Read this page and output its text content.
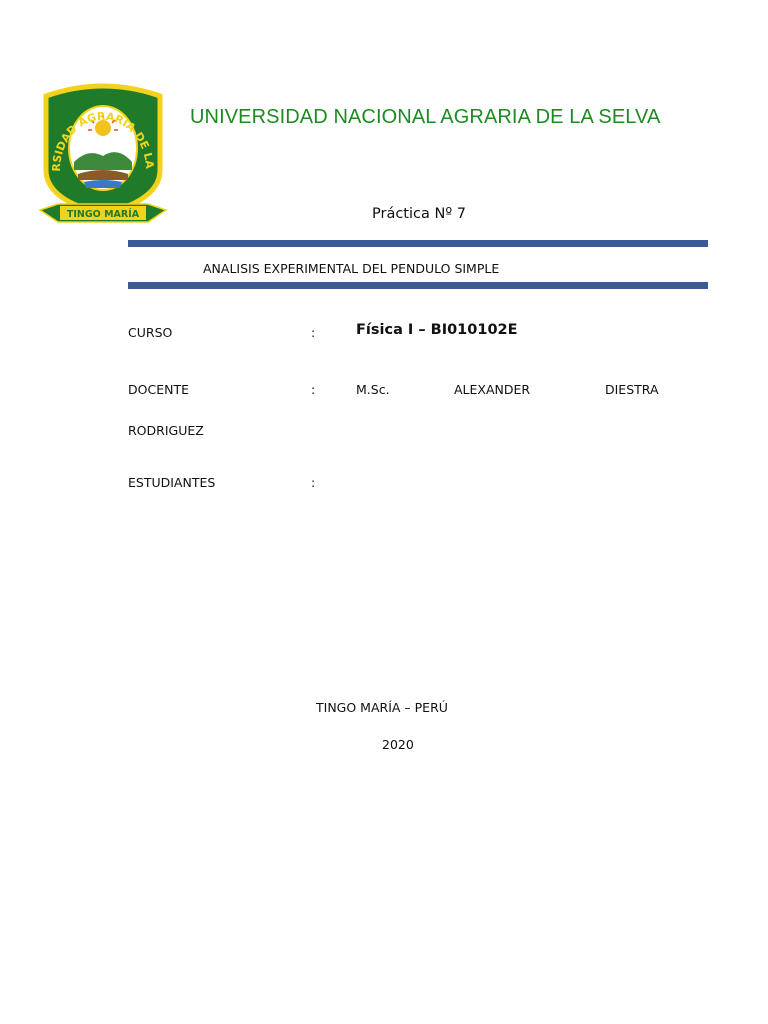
RSIDAD AGRARIA DE LA
TINGO MARÍA
UNIVERSIDAD NACIONAL AGRARIA DE LA SELVA
Práctica Nº 7
ANALISIS EXPERIMENTAL DEL PENDULO SIMPLE
CURSO	:	Física I – BI010102E
DOCENTE	:	M.Sc.	ALEXANDER	DIESTRA
RODRIGUEZ
ESTUDIANTES	:
TINGO MARÍA – PERÚ
2020
